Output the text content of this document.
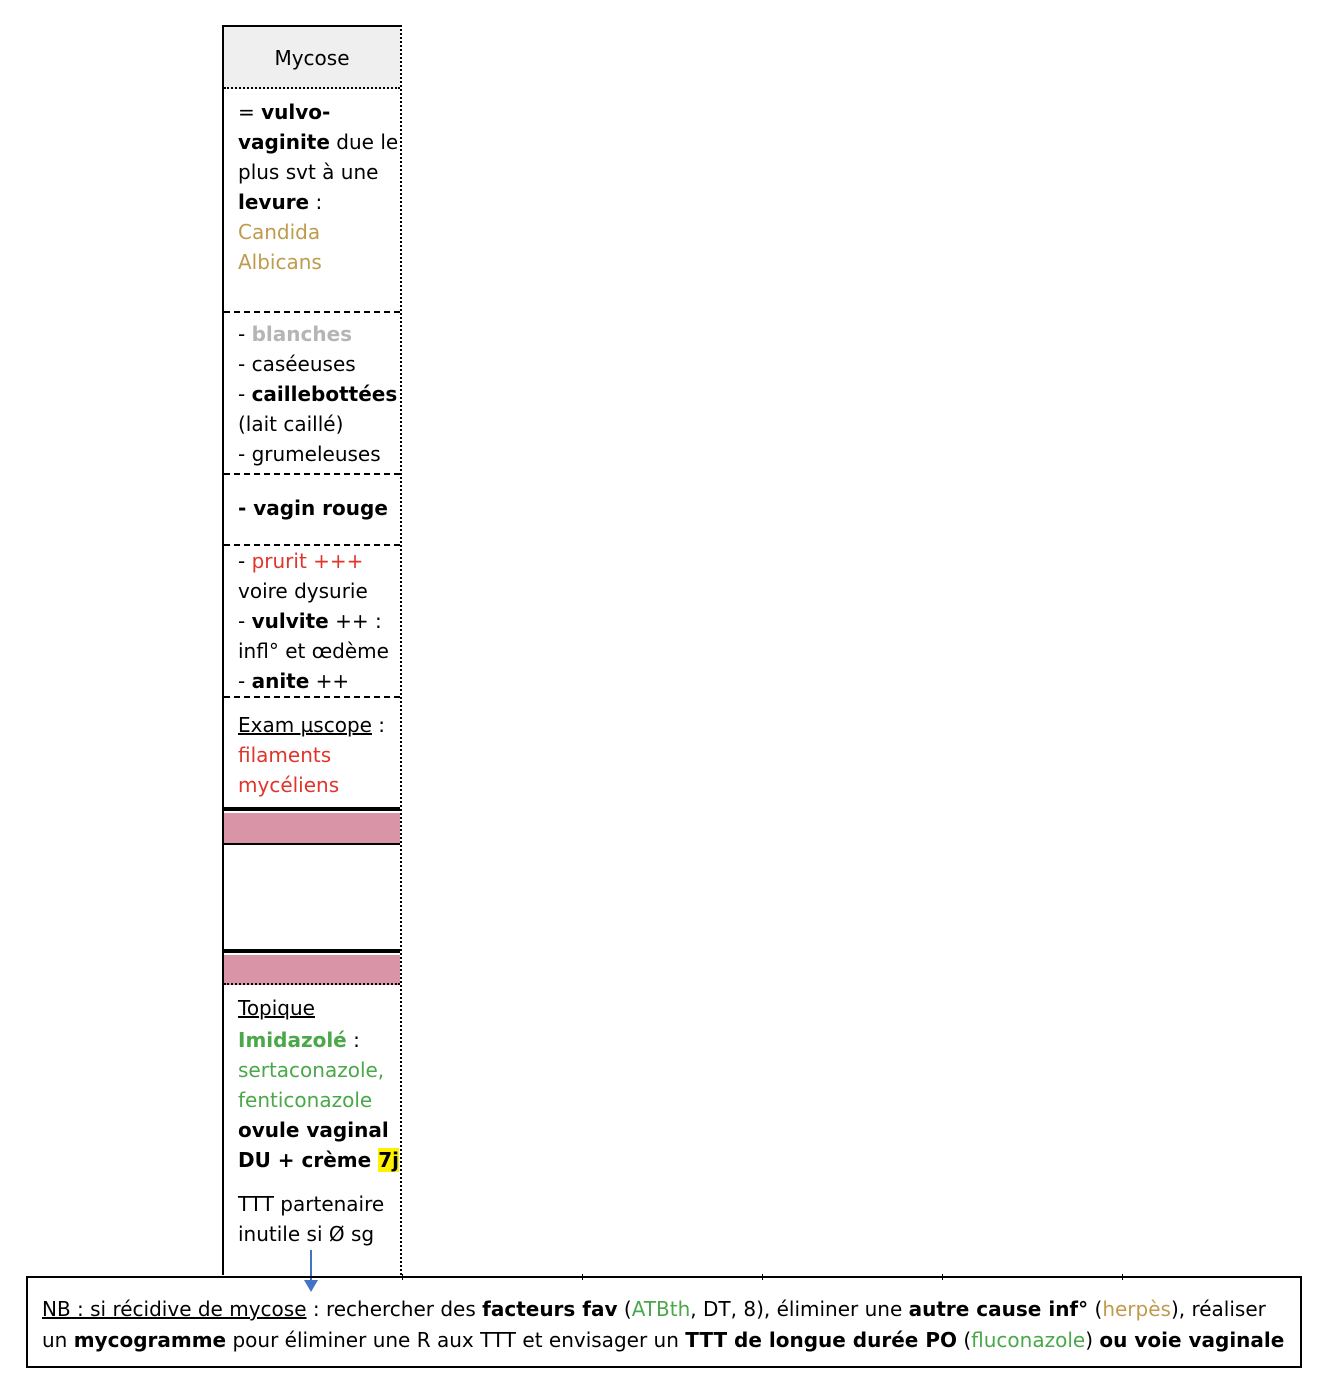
Mycose
= vulvo-vaginite due le plus svt à une levure : Candida Albicans
- blanches
- caséeuses
- caillebottées
(lait caillé)
- grumeleuses
- vagin rouge
- prurit +++
voire dysurie
- vulvite ++ : infl° et œdème
- anite ++
Exam µscope :
filaments mycéliens
Topique
Imidazolé :
sertaconazole, fenticonazole
ovule vaginal DU + crème 7j
TTT partenaire inutile si Ø sg
NB : si récidive de mycose : rechercher des facteurs fav (ATBth, DT, 8), éliminer une autre cause inf° (herpès), réaliser un mycogramme pour éliminer une R aux TTT et envisager un TTT de longue durée PO (fluconazole) ou voie vaginale
